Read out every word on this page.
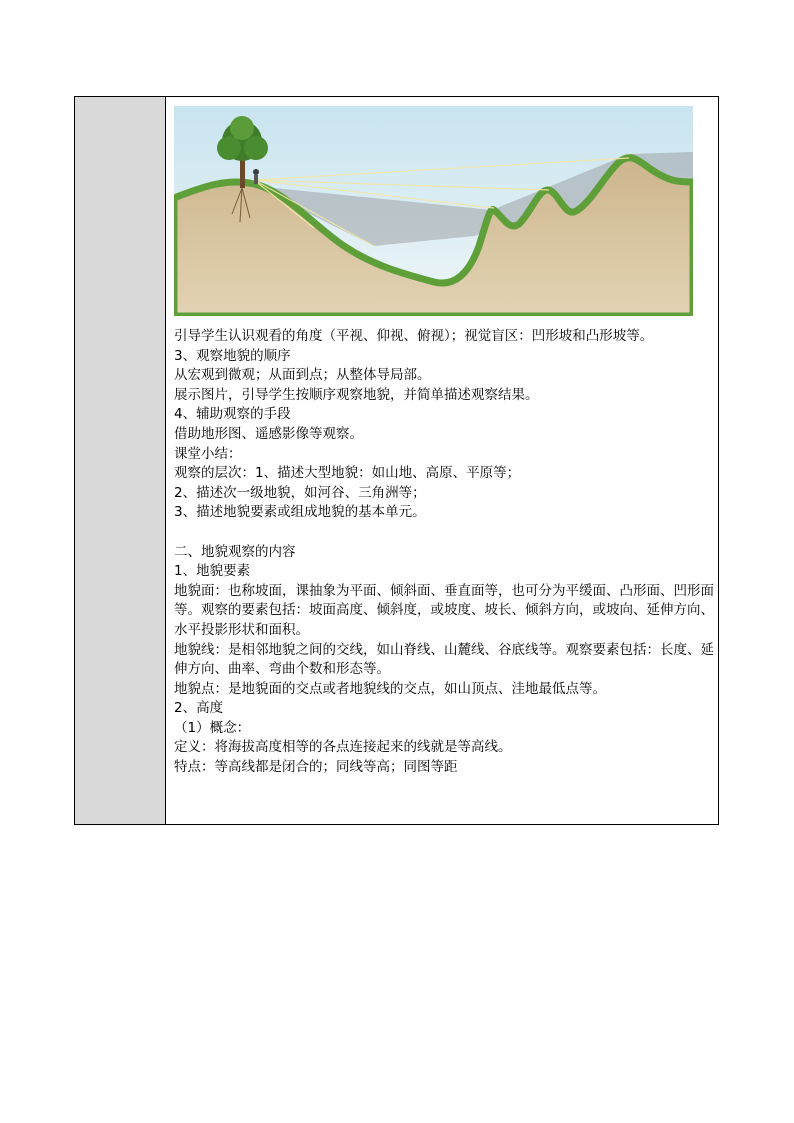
引导学生认识观看的角度（平视、仰视、俯视）；视觉盲区：凹形坡和凸形坡等。

3、观察地貌的顺序

从宏观到微观；从面到点；从整体导局部。

展示图片，引导学生按顺序观察地貌，并简单描述观察结果。

4、辅助观察的手段

借助地形图、遥感影像等观察。

课堂小结：

观察的层次：1、描述大型地貌：如山地、高原、平原等；

2、描述次一级地貌，如河谷、三角洲等；

3、描述地貌要素或组成地貌的基本单元。

二、地貌观察的内容

1、地貌要素

地貌面：也称坡面，课抽象为平面、倾斜面、垂直面等，也可分为平缓面、凸形面、凹形面等。观察的要素包括：坡面高度、倾斜度，或坡度、坡长、倾斜方向，或坡向、延伸方向、水平投影形状和面积。

地貌线：是相邻地貌之间的交线，如山脊线、山麓线、谷底线等。观察要素包括：长度、延伸方向、曲率、弯曲个数和形态等。

地貌点：是地貌面的交点或者地貌线的交点，如山顶点、洼地最低点等。

2、高度

（1）概念：

定义：将海拔高度相等的各点连接起来的线就是等高线。

特点：等高线都是闭合的；同线等高；同图等距
